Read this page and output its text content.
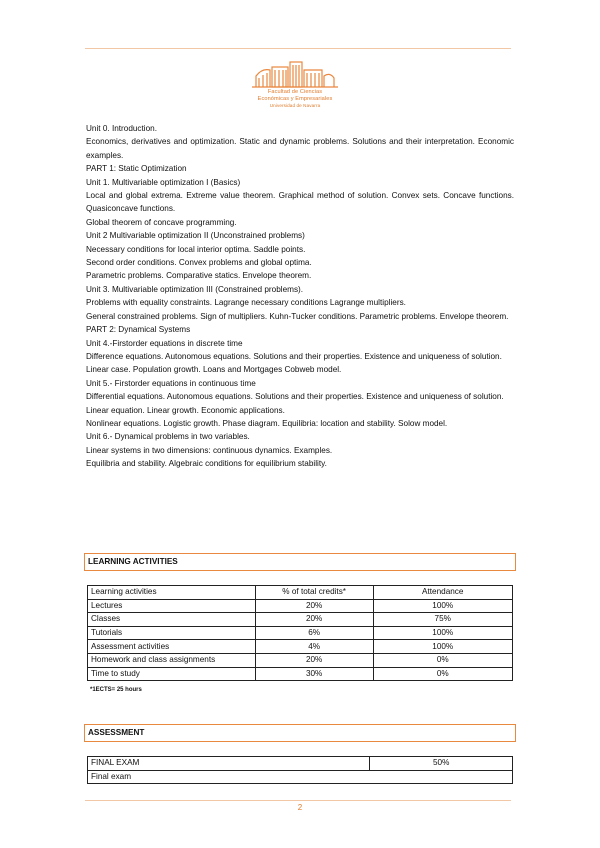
Facultad de Ciencias
Económicas y Empresariales
Universidad de Navarra

Unit 0. Introduction.

Economics, derivatives and optimization. Static and dynamic problems. Solutions and their interpretation. Economic examples.

PART 1: Static Optimization

Unit 1. Multivariable optimization I (Basics)

Local and global extrema. Extreme value theorem. Graphical method of solution. Convex sets. Concave functions. Quasiconcave functions.

Global theorem of concave programming.

Unit 2 Multivariable optimization II (Unconstrained problems)

Necessary conditions for local interior optima. Saddle points.

Second order conditions. Convex problems and global optima.

Parametric problems. Comparative statics. Envelope theorem.

Unit 3. Multivariable optimization III (Constrained problems).

Problems with equality constraints. Lagrange necessary conditions Lagrange multipliers.

General constrained problems. Sign of multipliers. Kuhn-Tucker conditions. Parametric problems. Envelope theorem.

PART 2: Dynamical Systems

Unit 4.-Firstorder equations in discrete time

Difference equations. Autonomous equations. Solutions and their properties. Existence and uniqueness of solution.

Linear case. Population growth. Loans and Mortgages Cobweb model.

Unit 5.- Firstorder equations in continuous time

Differential equations. Autonomous equations. Solutions and their properties. Existence and uniqueness of solution.

Linear equation. Linear growth. Economic applications.

Nonlinear equations. Logistic growth. Phase diagram. Equilibria: location and stability. Solow model.

Unit 6.- Dynamical problems in two variables.

Linear systems in two dimensions: continuous dynamics. Examples.

Equilibria and stability. Algebraic conditions for equilibrium stability.

LEARNING ACTIVITIES
Learning activities	% of total credits*	Attendance
Lectures	20%	100%
Classes	20%	75%
Tutorials	6%	100%
Assessment activities	4%	100%
Homework and class assignments	20%	0%
Time to study	30%	0%
*1ECTS= 25 hours
ASSESSMENT
FINAL EXAM	50%
Final exam
2
